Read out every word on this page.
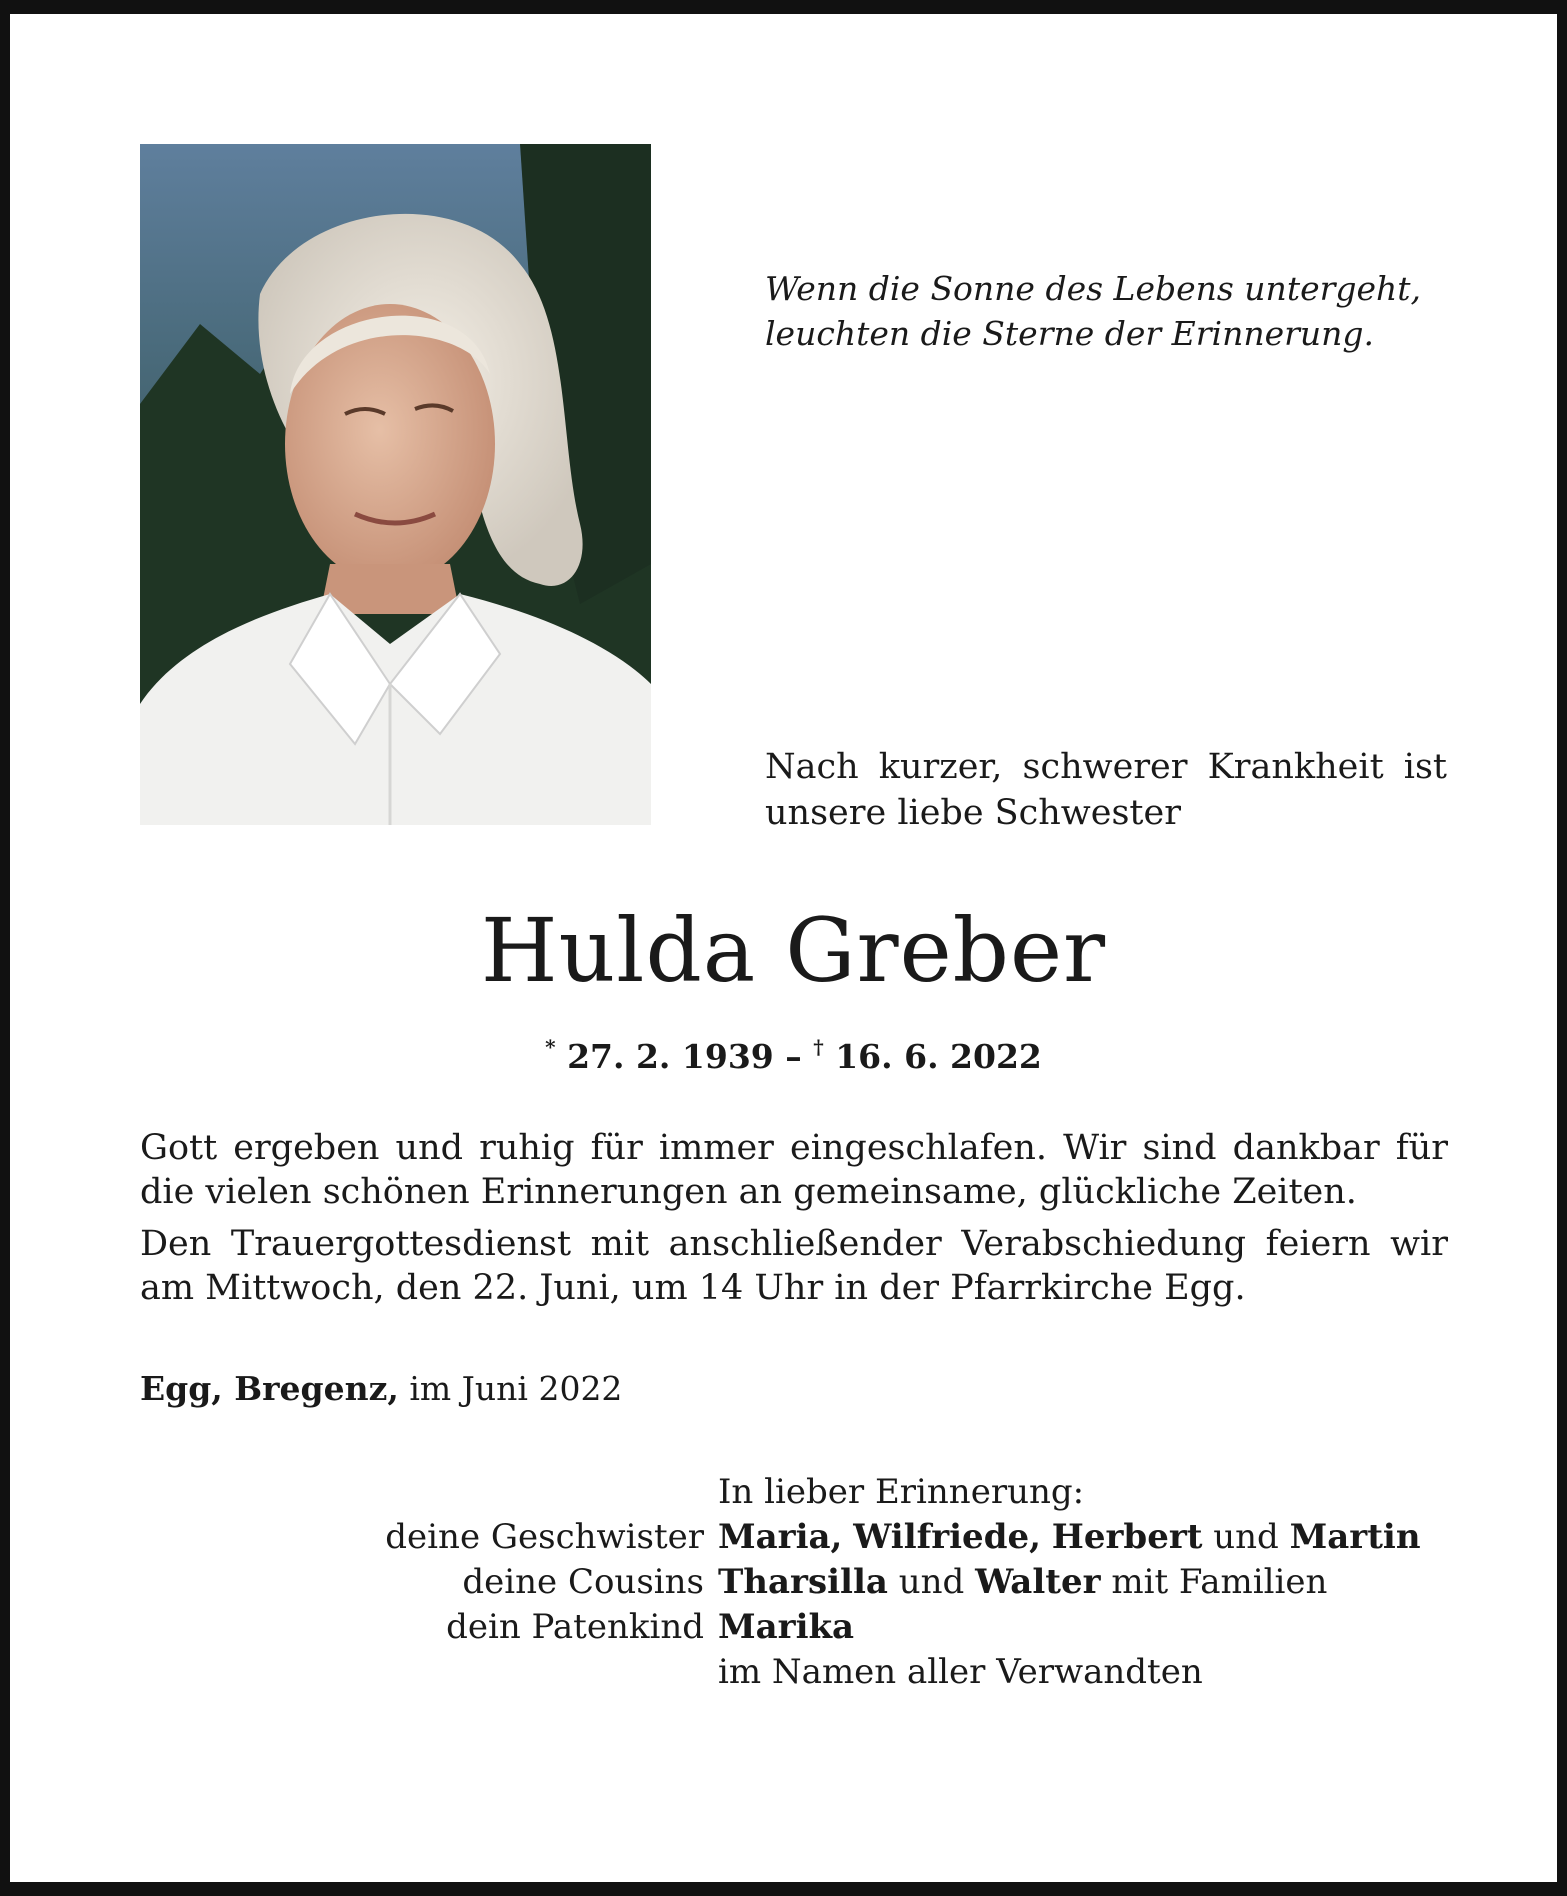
Wenn die Sonne des Lebens untergeht,
leuchten die Sterne der Erinnerung.

Nach kurzer, schwerer Krankheit ist unsere liebe Schwester

Hulda Greber
* 27. 2. 1939 – † 16. 6. 2022

Gott ergeben und ruhig für immer eingeschlafen. Wir sind dankbar für die vielen schönen Erinnerungen an gemeinsame, glückliche Zeiten.

Den Trauergottesdienst mit anschließender Verabschiedung feiern wir am Mittwoch, den 22. Juni, um 14 Uhr in der Pfarrkirche Egg.

Egg, Bregenz, im Juni 2022
In lieber Erinnerung:
deine Geschwister Maria, Wilfriede, Herbert und Martin
deine Cousins Tharsilla und Walter mit Familien
dein Patenkind Marika
im Namen aller Verwandten
